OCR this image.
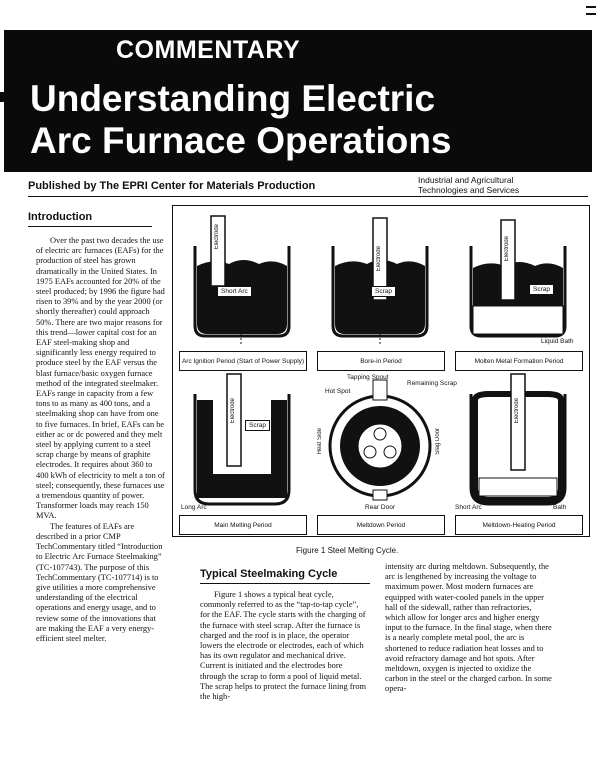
COMMENTARY
Understanding Electric
Arc Furnace Operations
Published by The EPRI Center for Materials Production	Industrial and Agricultural
Technologies and Services
Introduction

Over the past two decades the use of electric arc furnaces (EAFs) for the production of steel has grown dramatically in the United States. In 1975 EAFs accounted for 20% of the steel produced; by 1996 the figure had risen to 39% and by the year 2000 (or shortly thereafter) could approach 50%. There are two major reasons for this trend—lower capital cost for an EAF steel-making shop and significantly less energy required to produce steel by the EAF versus the blast furnace/basic oxygen furnace method of the integrated steelmaker. EAFs range in capacity from a few tons to as many as 400 tons, and a steelmaking shop can have from one to five furnaces. In brief, EAFs can be either ac or dc powered and they melt steel by applying current to a steel scrap charge by means of graphite electrodes. It requires about 360 to 400 kWh of electricity to melt a ton of steel; consequently, these furnaces use a tremendous quantity of power. Transformer loads may reach 150 MVA.

The features of EAFs are described in a prior CMP TechCommentary titled “Introduction to Electric Arc Furnace Steelmaking” (TC-107743). The purpose of this TechCommentary (TC-107714) is to give utilities a more comprehensive understanding of the electrical operations and energy usage, and to review some of the innovations that are making the EAF a very energy-efficient steel melter.

Electrode
Short Arc
Arc Ignition Period (Start of Power Supply)
Electrode
Scrap
Bore-in Period
Electrode
Scrap
Liquid Bath
Molten Metal Formation Period
Electrode
Scrap
Long Arc
Main Melting Period
Tapping Spout
Remaining Scrap
Hot Spot
Heat Side	Slag Door
Rear Door
Meltdown Period
Electrode
Short Arc	Bath
Meltdown-Heating Period
Figure 1 Steel Melting Cycle.
Typical Steelmaking Cycle

Figure 1 shows a typical heat cycle, commonly referred to as the “tap-to-tap cycle”, for the EAF. The cycle starts with the charging of the furnace with steel scrap. After the furnace is charged and the roof is in place, the operator lowers the electrode or electrodes, each of which has its own regulator and mechanical drive. Current is initiated and the electrodes bore through the scrap to form a pool of liquid metal. The scrap helps to protect the furnace lining from the high-

intensity arc during meltdown. Subsequently, the arc is lengthened by increasing the voltage to maximum power. Most modern furnaces are equipped with water-cooled panels in the upper hall of the sidewall, rather than refractories, which allow for longer arcs and higher energy input to the furnace. In the final stage, when there is a nearly complete metal pool, the arc is shortened to reduce radiation heat losses and to avoid refractory damage and hot spots. After meltdown, oxygen is injected to oxidize the carbon in the steel or the charged carbon. In some opera-
